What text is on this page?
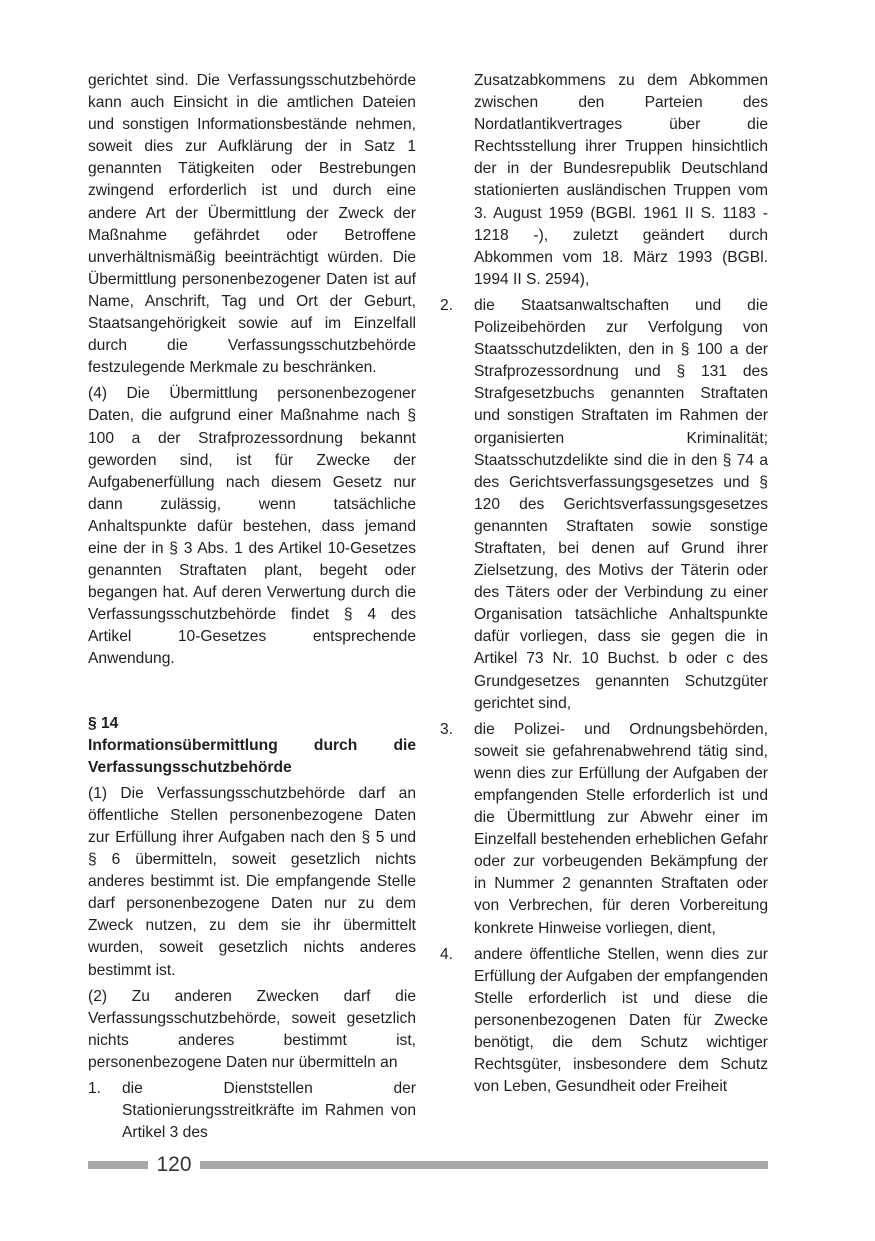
gerichtet sind. Die Verfassungsschutzbehörde kann auch Einsicht in die amtlichen Dateien und sonstigen Informationsbestände nehmen, soweit dies zur Aufklärung der in Satz 1 genannten Tätigkeiten oder Bestrebungen zwingend erforderlich ist und durch eine andere Art der Übermittlung der Zweck der Maßnahme gefährdet oder Betroffene unverhältnismäßig beeinträchtigt würden. Die Übermittlung personenbezogener Daten ist auf Name, Anschrift, Tag und Ort der Geburt, Staatsangehörigkeit sowie auf im Einzelfall durch die Verfassungsschutzbehörde festzulegende Merkmale zu beschränken.

(4) Die Übermittlung personenbezogener Daten, die aufgrund einer Maßnahme nach § 100 a der Strafprozessordnung bekannt geworden sind, ist für Zwecke der Aufgabenerfüllung nach diesem Gesetz nur dann zulässig, wenn tatsächliche Anhaltspunkte dafür bestehen, dass jemand eine der in § 3 Abs. 1 des Artikel 10-Gesetzes genannten Straftaten plant, begeht oder begangen hat. Auf deren Verwertung durch die Verfassungsschutzbehörde findet § 4 des Artikel 10-Gesetzes entsprechende Anwendung.

§ 14
Informationsübermittlung durch die Verfassungsschutzbehörde

(1) Die Verfassungsschutzbehörde darf an öffentliche Stellen personenbezogene Daten zur Erfüllung ihrer Aufgaben nach den § 5 und § 6 übermitteln, soweit gesetzlich nichts anderes bestimmt ist. Die empfangende Stelle darf personenbezogene Daten nur zu dem Zweck nutzen, zu dem sie ihr übermittelt wurden, soweit gesetzlich nichts anderes bestimmt ist.

(2) Zu anderen Zwecken darf die Verfassungsschutzbehörde, soweit gesetzlich nichts anderes bestimmt ist, personenbezogene Daten nur übermitteln an

1.	die Dienststellen der Stationierungsstreitkräfte im Rahmen von Artikel 3 des
Zusatzabkommens zu dem Abkommen zwischen den Parteien des Nordatlantikvertrages über die Rechtsstellung ihrer Truppen hinsichtlich der in der Bundesrepublik Deutschland stationierten ausländischen Truppen vom 3. August 1959 (BGBl. 1961 II S. 1183 - 1218 -), zuletzt geändert durch Abkommen vom 18. März 1993 (BGBl. 1994 II S. 2594),
2.	die Staatsanwaltschaften und die Polizeibehörden zur Verfolgung von Staatsschutzdelikten, den in § 100 a der Strafprozessordnung und § 131 des Strafgesetzbuchs genannten Straftaten und sonstigen Straftaten im Rahmen der organisierten Kriminalität; Staatsschutzdelikte sind die in den § 74 a des Gerichtsverfassungsgesetzes und § 120 des Gerichtsverfassungsgesetzes genannten Straftaten sowie sonstige Straftaten, bei denen auf Grund ihrer Zielsetzung, des Motivs der Täterin oder des Täters oder der Verbindung zu einer Organisation tatsächliche Anhaltspunkte dafür vorliegen, dass sie gegen die in Artikel 73 Nr. 10 Buchst. b oder c des Grundgesetzes genannten Schutzgüter gerichtet sind,
3.	die Polizei- und Ordnungsbehörden, soweit sie gefahrenabwehrend tätig sind, wenn dies zur Erfüllung der Aufgaben der empfangenden Stelle erforderlich ist und die Übermittlung zur Abwehr einer im Einzelfall bestehenden erheblichen Gefahr oder zur vorbeugenden Bekämpfung der in Nummer 2 genannten Straftaten oder von Verbrechen, für deren Vorbereitung konkrete Hinweise vorliegen, dient,
4.	andere öffentliche Stellen, wenn dies zur Erfüllung der Aufgaben der empfangenden Stelle erforderlich ist und diese die personenbezogenen Daten für Zwecke benötigt, die dem Schutz wichtiger Rechtsgüter, insbesondere dem Schutz von Leben, Gesundheit oder Freiheit
120
